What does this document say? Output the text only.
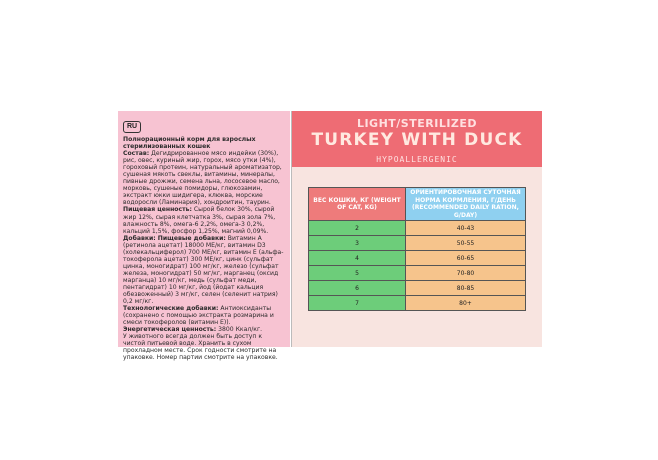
RU
Полнорационный корм для взрослых стерилизованных кошек
Состав: Дегидрированное мясо индейки (30%), рис, овес, куриный жир, горох, мясо утки (4%), гороховый протеин, натуральный ароматизатор, сушеная мякоть свеклы, витамины, минералы, пивные дрожжи, семена льна, лососевое масло, морковь, сушеные помидоры, глюкозамин, экстракт юкки шидигера, клюква, морские водоросли (Ламинария), хондроитин, таурин.
Пищевая ценность: Сырой белок 30%, сырой жир 12%, сырая клетчатка 3%, сырая зола 7%, влажность 8%, омега-6 2,2%, омега-3 0,2%, кальций 1,5%, фосфор 1,25%, магний 0,09%.
Добавки: Пищевые добавки: Витамин А (ретинола ацетат) 18000 МЕ/кг, витамин D3 (холекальциферол) 700 МЕ/кг, витамин Е (альфа-токоферола ацетат) 300 МЕ/кг, цинк (сульфат цинка, моногидрат) 100 мг/кг, железо (сульфат железа, моногидрат) 50 мг/кг, марганец (оксид марганца) 10 мг/кг, медь (сульфат меди, пентагидрат) 10 мг/кг, йод (йодат кальция обезвоженный) 3 мг/кг, селен (селенит натрия) 0,2 мг/кг.
Технологические добавки: Антиоксиданты (сохранено с помощью экстракта розмарина и смеси токоферолов (витамин Е)).
Энергетическая ценность: 3800 Ккал/кг.
У животного всегда должен быть доступ к чистой питьевой воде. Хранить в сухом прохладном месте. Срок годности смотрите на упаковке. Номер партии смотрите на упаковке.
LIGHT/STERILIZED
TURKEY WITH DUCK
HYPOALLERGENIC
ВЕС КОШКИ, КГ (WEIGHT OF CAT, KG)	ОРИЕНТИРОВОЧНАЯ СУТОЧНАЯ НОРМА КОРМЛЕНИЯ, Г/ДЕНЬ (RECOMMENDED DAILY RATION, G/DAY)
2	40-43
3	50-55
4	60-65
5	70-80
6	80-85
7	80+
